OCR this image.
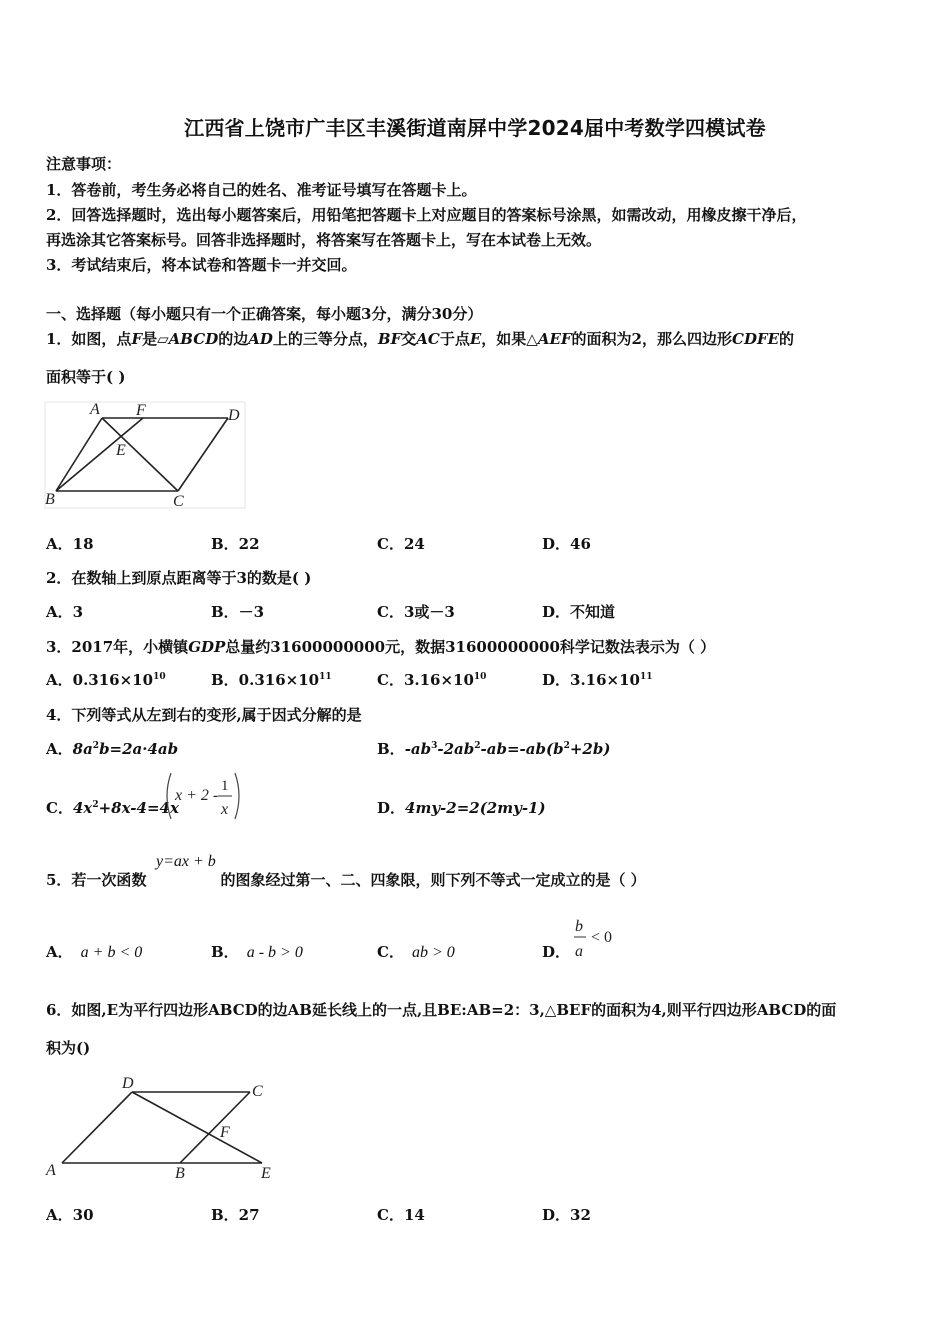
江西省上饶市广丰区丰溪街道南屏中学2024届中考数学四模试卷
注意事项：
1．答卷前，考生务必将自己的姓名、准考证号填写在答题卡上。
2．回答选择题时，选出每小题答案后，用铅笔把答题卡上对应题目的答案标号涂黑，如需改动，用橡皮擦干净后，
再选涂其它答案标号。回答非选择题时，将答案写在答题卡上，写在本试卷上无效。
3．考试结束后，将本试卷和答题卡一并交回。
一、选择题（每小题只有一个正确答案，每小题3分，满分30分）
1．如图，点F是▱ABCD的边AD上的三等分点，BF交AC于点E，如果△AEF的面积为2，那么四边形CDFE的
面积等于( )
A F	D
E
B	C
A．18	B．22	C．24	D．46
2．在数轴上到原点距离等于3的数是( )
A．3	B．－3	C．3或－3	D．不知道
3．2017年，小横镇GDP总量约31600000000元，数据31600000000科学记数法表示为（ ）
A．$0.316\times 10^{10}$	B．$0.316\times 10^{11}$	C．$3.16\times 10^{10}$	D．$3.16\times 10^{11}$
4．下列等式从左到右的变形,属于因式分解的是
A．$8a^2b=2a\cdot 4ab$	B．$-ab^3-2ab^2-ab=-ab(b^2+2b)$
C．$4x^2+8x-4=4x$
x + 2 -
1
x	D．4my-2=2(2my-1)
5．若一次函数	的图象经过第一、二、四象限，则下列不等式一定成立的是（ ）
y=ax + b
A． a + b < 0	B． a - b > 0	C． ab > 0	D．
b
a
< 0
6．如图,E为平行四边形ABCD的边AB延长线上的一点,且BE:AB=2：3,△BEF的面积为4,则平行四边形ABCD的面
积为()
D	C
F
A	B	E
A．30	B．27	C．14	D．32
